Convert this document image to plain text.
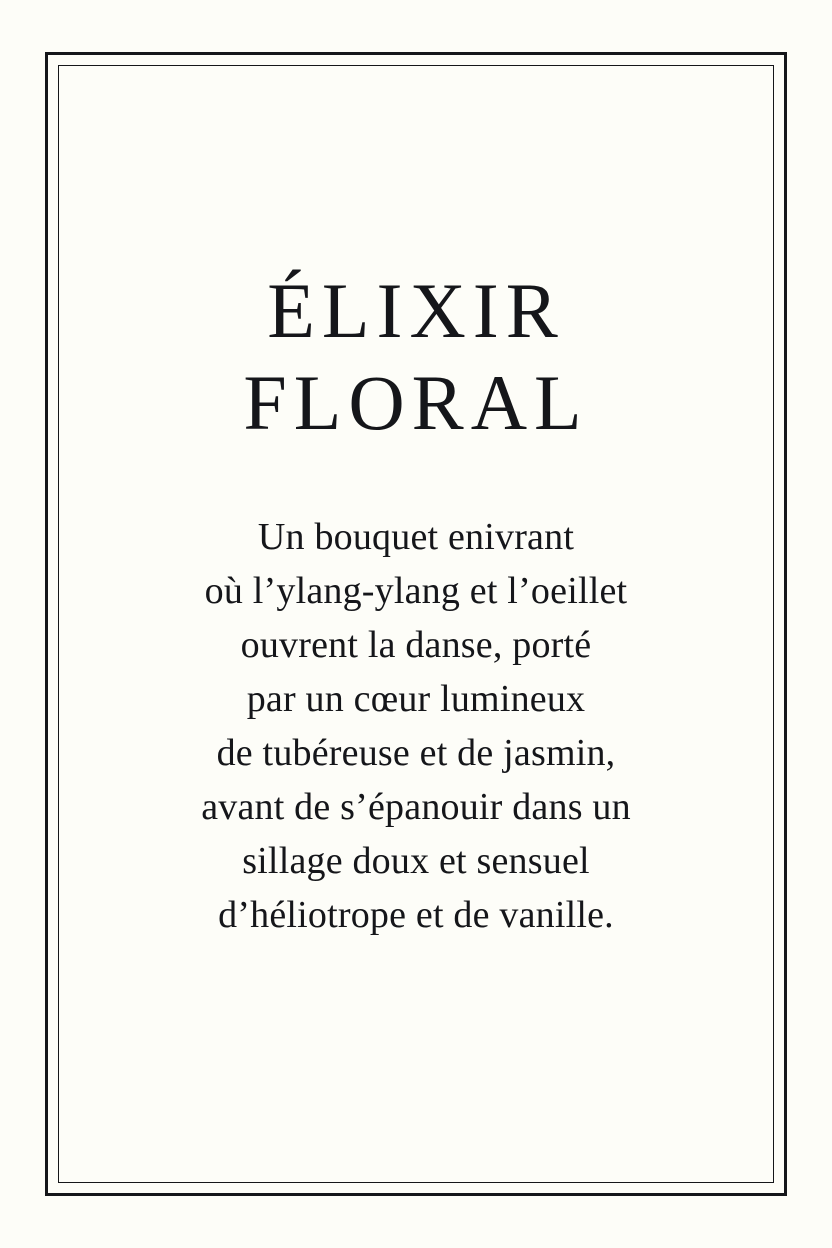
ÉLIXIR
FLORAL
Un bouquet enivrant
où l’ylang-ylang et l’oeillet
ouvrent la danse, porté
par un cœur lumineux
de tubéreuse et de jasmin,
avant de s’épanouir dans un
sillage doux et sensuel
d’héliotrope et de vanille.
